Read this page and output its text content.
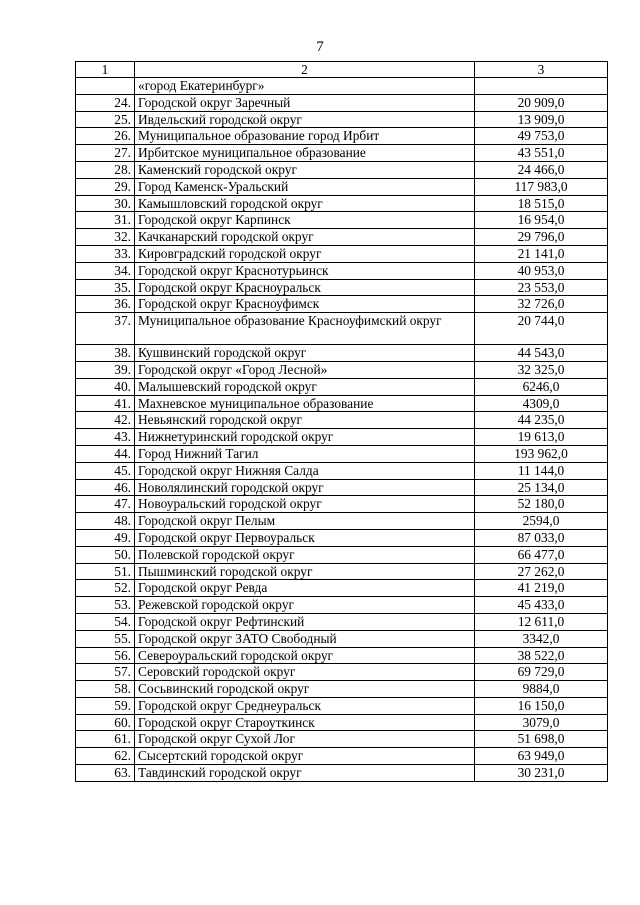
7
1	2	3
	«город Екатеринбург»	
24.	Городской округ Заречный	20 909,0
25.	Ивдельский городской округ	13 909,0
26.	Муниципальное образование город Ирбит	49 753,0
27.	Ирбитское муниципальное образование	43 551,0
28.	Каменский городской округ	24 466,0
29.	Город Каменск-Уральский	117 983,0
30.	Камышловский городской округ	18 515,0
31.	Городской округ Карпинск	16 954,0
32.	Качканарский городской округ	29 796,0
33.	Кировградский городской округ	21 141,0
34.	Городской округ Краснотурьинск	40 953,0
35.	Городской округ Красноуральск	23 553,0
36.	Городской округ Красноуфимск	32 726,0
37.	Муниципальное образование Красноуфимский округ	20 744,0
38.	Кушвинский городской округ	44 543,0
39.	Городской округ «Город Лесной»	32 325,0
40.	Малышевский городской округ	6246,0
41.	Махневское муниципальное образование	4309,0
42.	Невьянский городской округ	44 235,0
43.	Нижнетуринский городской округ	19 613,0
44.	Город Нижний Тагил	193 962,0
45.	Городской округ Нижняя Салда	11 144,0
46.	Новолялинский городской округ	25 134,0
47.	Новоуральский городской округ	52 180,0
48.	Городской округ Пелым	2594,0
49.	Городской округ Первоуральск	87 033,0
50.	Полевской городской округ	66 477,0
51.	Пышминский городской округ	27 262,0
52.	Городской округ Ревда	41 219,0
53.	Режевской городской округ	45 433,0
54.	Городской округ Рефтинский	12 611,0
55.	Городской округ ЗАТО Свободный	3342,0
56.	Североуральский городской округ	38 522,0
57.	Серовский городской округ	69 729,0
58.	Сосьвинский городской округ	9884,0
59.	Городской округ Среднеуральск	16 150,0
60.	Городской округ Староуткинск	3079,0
61.	Городской округ Сухой Лог	51 698,0
62.	Сысертский городской округ	63 949,0
63.	Тавдинский городской округ	30 231,0
